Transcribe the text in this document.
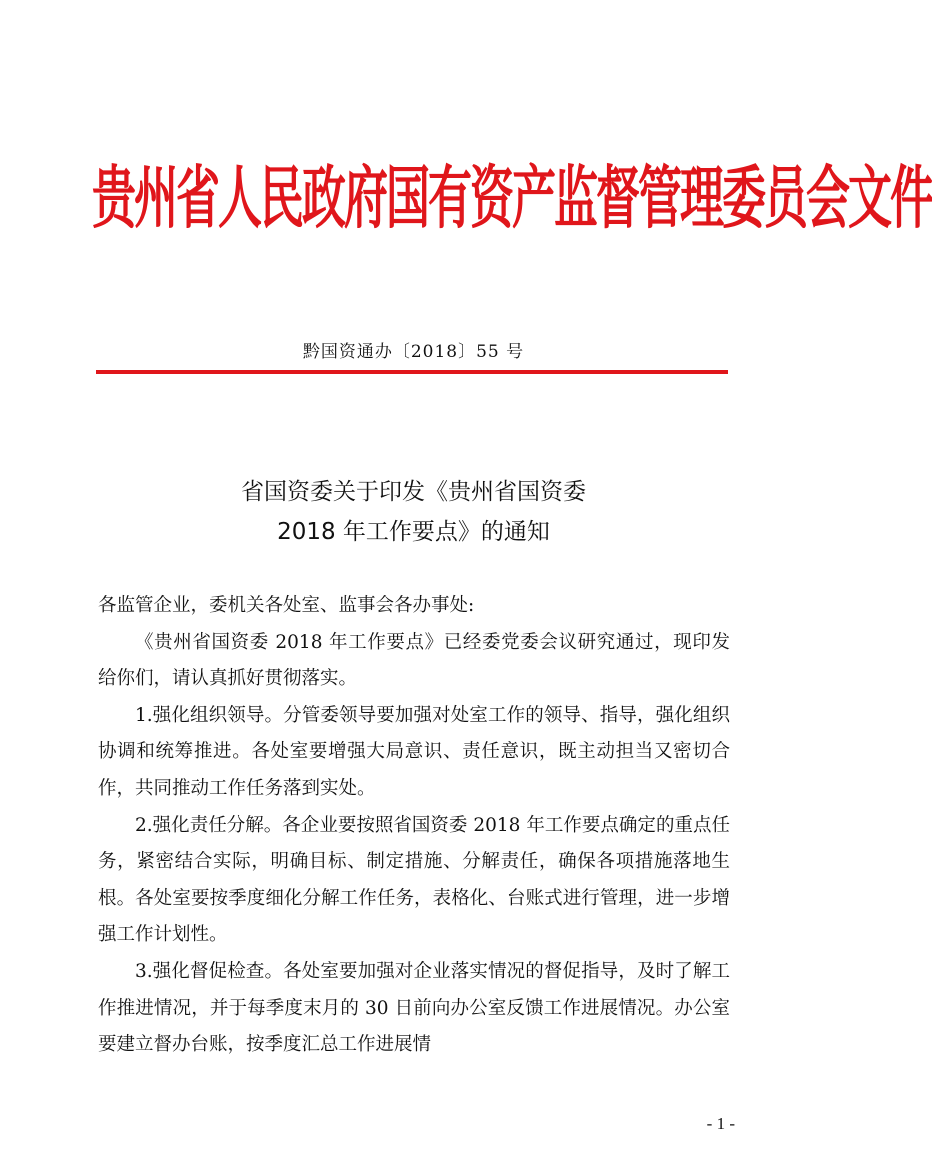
贵州省人民政府国有资产监督管理委员会文件
黔国资通办〔2018〕55 号
省国资委关于印发《贵州省国资委
2018 年工作要点》的通知

各监管企业，委机关各处室、监事会各办事处:

《贵州省国资委 2018 年工作要点》已经委党委会议研究通过，现印发给你们，请认真抓好贯彻落实。

1.强化组织领导。分管委领导要加强对处室工作的领导、指导，强化组织协调和统筹推进。各处室要增强大局意识、责任意识，既主动担当又密切合作，共同推动工作任务落到实处。

2.强化责任分解。各企业要按照省国资委 2018 年工作要点确定的重点任务，紧密结合实际，明确目标、制定措施、分解责任，确保各项措施落地生根。各处室要按季度细化分解工作任务，表格化、台账式进行管理，进一步增强工作计划性。

3.强化督促检查。各处室要加强对企业落实情况的督促指导，及时了解工作推进情况，并于每季度末月的 30 日前向办公室反馈工作进展情况。办公室要建立督办台账，按季度汇总工作进展情

- 1 -
